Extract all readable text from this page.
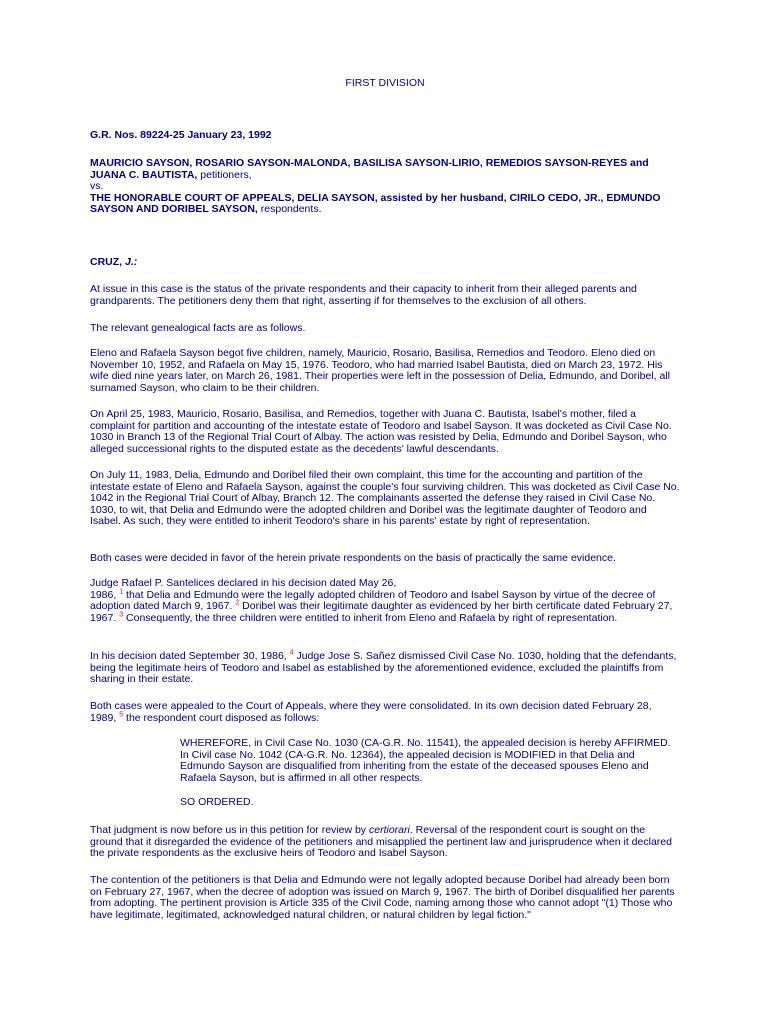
FIRST DIVISION
G.R. Nos. 89224-25 January 23, 1992

MAURICIO SAYSON, ROSARIO SAYSON-MALONDA, BASILISA SAYSON-LIRIO, REMEDIOS SAYSON-REYES and JUANA C. BAUTISTA, petitioners,

vs.

THE HONORABLE COURT OF APPEALS, DELIA SAYSON, assisted by her husband, CIRILO CEDO, JR., EDMUNDO SAYSON AND DORIBEL SAYSON, respondents.

CRUZ, J.:

At issue in this case is the status of the private respondents and their capacity to inherit from their alleged parents and grandparents. The petitioners deny them that right, asserting if for themselves to the exclusion of all others.

The relevant genealogical facts are as follows.

Eleno and Rafaela Sayson begot five children, namely, Mauricio, Rosario, Basilisa, Remedios and Teodoro. Eleno died on November 10, 1952, and Rafaela on May 15, 1976. Teodoro, who had married Isabel Bautista, died on March 23, 1972. His wife died nine years later, on March 26, 1981. Their properties were left in the possession of Delia, Edmundo, and Doribel, all surnamed Sayson, who claim to be their children.

On April 25, 1983, Mauricio, Rosario, Basilisa, and Remedios, together with Juana C. Bautista, Isabel's mother, filed a complaint for partition and accounting of the intestate estate of Teodoro and Isabel Sayson. It was docketed as Civil Case No. 1030 in Branch 13 of the Regional Trial Court of Albay. The action was resisted by Delia, Edmundo and Doribel Sayson, who alleged successional rights to the disputed estate as the decedents' lawful descendants.

On July 11, 1983, Delia, Edmundo and Doribel filed their own complaint, this time for the accounting and partition of the intestate estate of Eleno and Rafaela Sayson, against the couple's four surviving children. This was docketed as Civil Case No. 1042 in the Regional Trial Court of Albay, Branch 12. The complainants asserted the defense they raised in Civil Case No. 1030, to wit, that Delia and Edmundo were the adopted children and Doribel was the legitimate daughter of Teodoro and Isabel. As such, they were entitled to inherit Teodoro's share in his parents' estate by right of representation.

Both cases were decided in favor of the herein private respondents on the basis of practically the same evidence.

Judge Rafael P. Santelices declared in his decision dated May 26,
1986, $^1$ that Delia and Edmundo were the legally adopted children of Teodoro and Isabel Sayson by virtue of the decree of adoption dated March 9, 1967. $^2$ Doribel was their legitimate daughter as evidenced by her birth certificate dated February 27, 1967. $^3$ Consequently, the three children were entitled to inherit from Eleno and Rafaela by right of representation.

In his decision dated September 30, 1986, $^4$ Judge Jose S. Sañez dismissed Civil Case No. 1030, holding that the defendants, being the legitimate heirs of Teodoro and Isabel as established by the aforementioned evidence, excluded the plaintiffs from sharing in their estate.

Both cases were appealed to the Court of Appeals, where they were consolidated. In its own decision dated February 28, 1989, $^5$ the respondent court disposed as follows:

WHEREFORE, in Civil Case No. 1030 (CA-G.R. No. 11541), the appealed decision is hereby AFFIRMED. In Civil case No. 1042 (CA-G.R. No. 12364), the appealed decision is MODIFIED in that Delia and Edmundo Sayson are disqualified from inheriting from the estate of the deceased spouses Eleno and Rafaela Sayson, but is affirmed in all other respects.

SO ORDERED.

That judgment is now before us in this petition for review by certiorari. Reversal of the respondent court is sought on the ground that it disregarded the evidence of the petitioners and misapplied the pertinent law and jurisprudence when it declared the private respondents as the exclusive heirs of Teodoro and Isabel Sayson.

The contention of the petitioners is that Delia and Edmundo were not legally adopted because Doribel had already been born on February 27, 1967, when the decree of adoption was issued on March 9, 1967. The birth of Doribel disqualified her parents from adopting. The pertinent provision is Article 335 of the Civil Code, naming among those who cannot adopt "(1) Those who have legitimate, legitimated, acknowledged natural children, or natural children by legal fiction."
